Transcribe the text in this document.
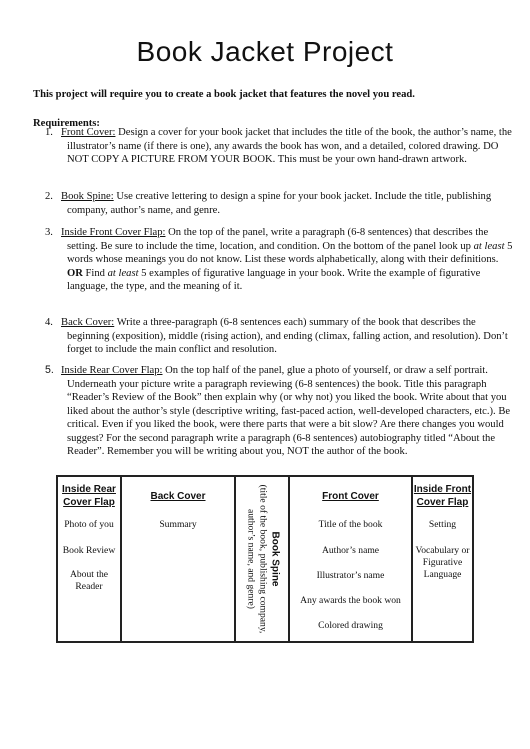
Book Jacket Project
This project will require you to create a book jacket that features the novel you read.
Requirements:
1. Front Cover: Design a cover for your book jacket that includes the title of the book, the author’s name, the illustrator’s name (if there is one), any awards the book has won, and a detailed, colored drawing. DO NOT COPY A PICTURE FROM YOUR BOOK. This must be your own hand-drawn artwork.
2. Book Spine: Use creative lettering to design a spine for your book jacket. Include the title, publishing company, author’s name, and genre.
3. Inside Front Cover Flap: On the top of the panel, write a paragraph (6-8 sentences) that describes the setting. Be sure to include the time, location, and condition. On the bottom of the panel look up at least 5 words whose meanings you do not know. List these words alphabetically, along with their definitions. OR Find at least 5 examples of figurative language in your book. Write the example of figurative language, the type, and the meaning of it.
4. Back Cover: Write a three-paragraph (6-8 sentences each) summary of the book that describes the beginning (exposition), middle (rising action), and ending (climax, falling action, and resolution). Don’t forget to include the main conflict and resolution.
5. Inside Rear Cover Flap: On the top half of the panel, glue a photo of yourself, or draw a self portrait. Underneath your picture write a paragraph reviewing (6-8 sentences) the book. Title this paragraph “Reader’s Review of the Book” then explain why (or why not) you liked the book. Write about that you liked about the author’s style (descriptive writing, fast-paced action, well-developed characters, etc.). Be critical. Even if you liked the book, were there parts that were a bit slow? Are there changes you would suggest? For the second paragraph write a paragraph (6-8 sentences) autobiography titled “About the Reader”. Remember you will be writing about you, NOT the author of the book.
Inside Rear Cover Flap
Photo of you
Book Review
About the Reader
Back Cover
Summary
Book Spine
(title of the book, publishing company, author’s name, and genre)
Front Cover
Title of the book
Author’s name
Illustrator’s name
Any awards the book won
Colored drawing
Inside Front Cover Flap
Setting
Vocabulary or Figurative Language
